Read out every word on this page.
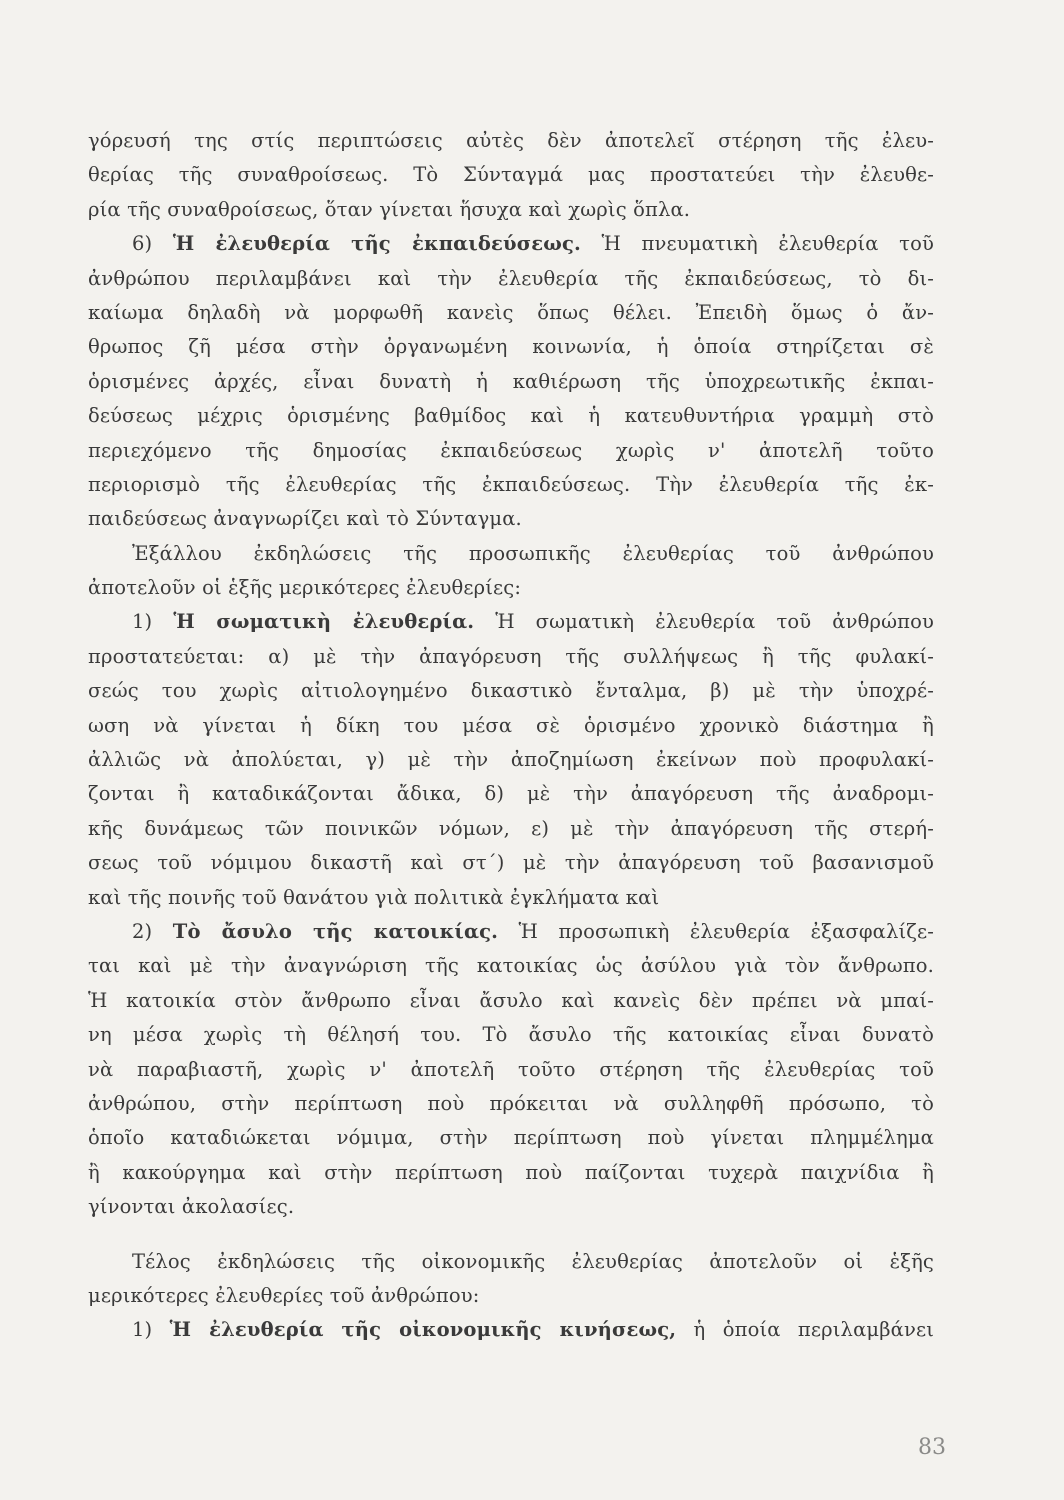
γόρευσή της στίς περιπτώσεις αὐτὲς δὲν ἀποτελεῖ στέρηση τῆς ἐλευ-
θερίας τῆς συναθροίσεως. Τὸ Σύνταγμά μας προστατεύει τὴν ἐλευθε-
ρία τῆς συναθροίσεως, ὅταν γίνεται ἥσυχα καὶ χωρὶς ὅπλα.
6) Ἡ ἐλευθερία τῆς ἐκπαιδεύσεως. Ἡ πνευματικὴ ἐλευθερία τοῦ
ἀνθρώπου περιλαμβάνει καὶ τὴν ἐλευθερία τῆς ἐκπαιδεύσεως, τὸ δι-
καίωμα δηλαδὴ νὰ μορφωθῆ κανεὶς ὅπως θέλει. Ἐπειδὴ ὅμως ὁ ἄν-
θρωπος ζῆ μέσα στὴν ὀργανωμένη κοινωνία, ἡ ὁποία στηρίζεται σὲ
ὁρισμένες ἀρχές, εἶναι δυνατὴ ἡ καθιέρωση τῆς ὑποχρεωτικῆς ἐκπαι-
δεύσεως μέχρις ὁρισμένης βαθμίδος καὶ ἡ κατευθυντήρια γραμμὴ στὸ
περιεχόμενο τῆς δημοσίας ἐκπαιδεύσεως χωρὶς ν' ἀποτελῆ τοῦτο
περιορισμὸ τῆς ἐλευθερίας τῆς ἐκπαιδεύσεως. Τὴν ἐλευθερία τῆς ἐκ-
παιδεύσεως ἀναγνωρίζει καὶ τὸ Σύνταγμα.
Ἐξάλλου ἐκδηλώσεις τῆς προσωπικῆς ἐλευθερίας τοῦ ἀνθρώπου
ἀποτελοῦν οἱ ἑξῆς μερικότερες ἐλευθερίες:
1) Ἡ σωματικὴ ἐλευθερία. Ἡ σωματικὴ ἐλευθερία τοῦ ἀνθρώπου
προστατεύεται: α) μὲ τὴν ἀπαγόρευση τῆς συλλήψεως ἢ τῆς φυλακί-
σεώς του χωρὶς αἰτιολογημένο δικαστικὸ ἔνταλμα, β) μὲ τὴν ὑποχρέ-
ωση νὰ γίνεται ἡ δίκη του μέσα σὲ ὁρισμένο χρονικὸ διάστημα ἢ
ἀλλιῶς νὰ ἀπολύεται, γ) μὲ τὴν ἀποζημίωση ἐκείνων ποὺ προφυλακί-
ζονται ἢ καταδικάζονται ἄδικα, δ) μὲ τὴν ἀπαγόρευση τῆς ἀναδρομι-
κῆς δυνάμεως τῶν ποινικῶν νόμων, ε) μὲ τὴν ἀπαγόρευση τῆς στερή-
σεως τοῦ νόμιμου δικαστῆ καὶ στ΄) μὲ τὴν ἀπαγόρευση τοῦ βασανισμοῦ
καὶ τῆς ποινῆς τοῦ θανάτου γιὰ πολιτικὰ ἐγκλήματα καὶ
2) Τὸ ἄσυλο τῆς κατοικίας. Ἡ προσωπικὴ ἐλευθερία ἐξασφαλίζε-
ται καὶ μὲ τὴν ἀναγνώριση τῆς κατοικίας ὡς ἀσύλου γιὰ τὸν ἄνθρωπο.
Ἡ κατοικία στὸν ἄνθρωπο εἶναι ἄσυλο καὶ κανεὶς δὲν πρέπει νὰ μπαί-
νη μέσα χωρὶς τὴ θέλησή του. Τὸ ἄσυλο τῆς κατοικίας εἶναι δυνατὸ
νὰ παραβιαστῆ, χωρὶς ν' ἀποτελῆ τοῦτο στέρηση τῆς ἐλευθερίας τοῦ
ἀνθρώπου, στὴν περίπτωση ποὺ πρόκειται νὰ συλληφθῆ πρόσωπο, τὸ
ὁποῖο καταδιώκεται νόμιμα, στὴν περίπτωση ποὺ γίνεται πλημμέλημα
ἢ κακούργημα καὶ στὴν περίπτωση ποὺ παίζονται τυχερὰ παιχνίδια ἢ
γίνονται ἀκολασίες.
Τέλος ἐκδηλώσεις τῆς οἰκονομικῆς ἐλευθερίας ἀποτελοῦν οἱ ἑξῆς
μερικότερες ἐλευθερίες τοῦ ἀνθρώπου:
1) Ἡ ἐλευθερία τῆς οἰκονομικῆς κινήσεως, ἡ ὁποία περιλαμβάνει
83
